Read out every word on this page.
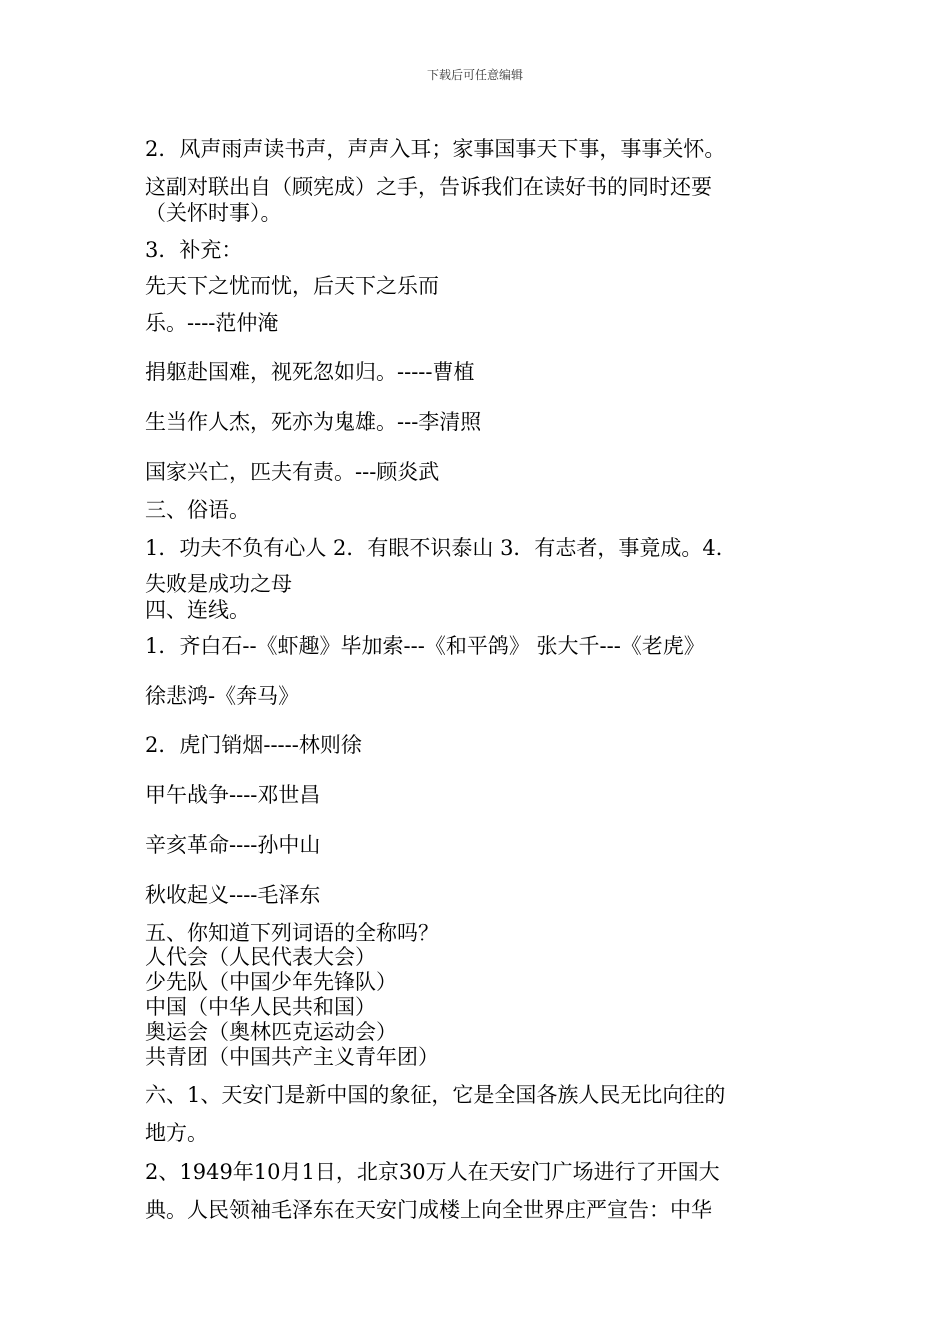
下载后可任意编辑
2．风声雨声读书声，声声入耳；家事国事天下事，事事关怀。
这副对联出自（顾宪成）之手，告诉我们在读好书的同时还要
（关怀时事）。
3．补充：
先天下之忧而忧，后天下之乐而
乐。----范仲淹
捐躯赴国难，视死忽如归。-----曹植
生当作人杰，死亦为鬼雄。---李清照
国家兴亡，匹夫有责。---顾炎武
三、俗语。
1．功夫不负有心人 2．有眼不识泰山 3．有志者，事竟成。4．
失败是成功之母
四、连线。
1．齐白石--《虾趣》毕加索---《和平鸽》 张大千---《老虎》
徐悲鸿-《奔马》
2．虎门销烟-----林则徐
甲午战争----邓世昌
辛亥革命----孙中山
秋收起义----毛泽东
五、你知道下列词语的全称吗？
人代会（人民代表大会）
少先队（中国少年先锋队）
中国（中华人民共和国）
奥运会（奥林匹克运动会）
共青团（中国共产主义青年团）
六、1、天安门是新中国的象征，它是全国各族人民无比向往的
地方。
2、1949年10月1日，北京30万人在天安门广场进行了开国大
典。人民领袖毛泽东在天安门成楼上向全世界庄严宣告：中华
